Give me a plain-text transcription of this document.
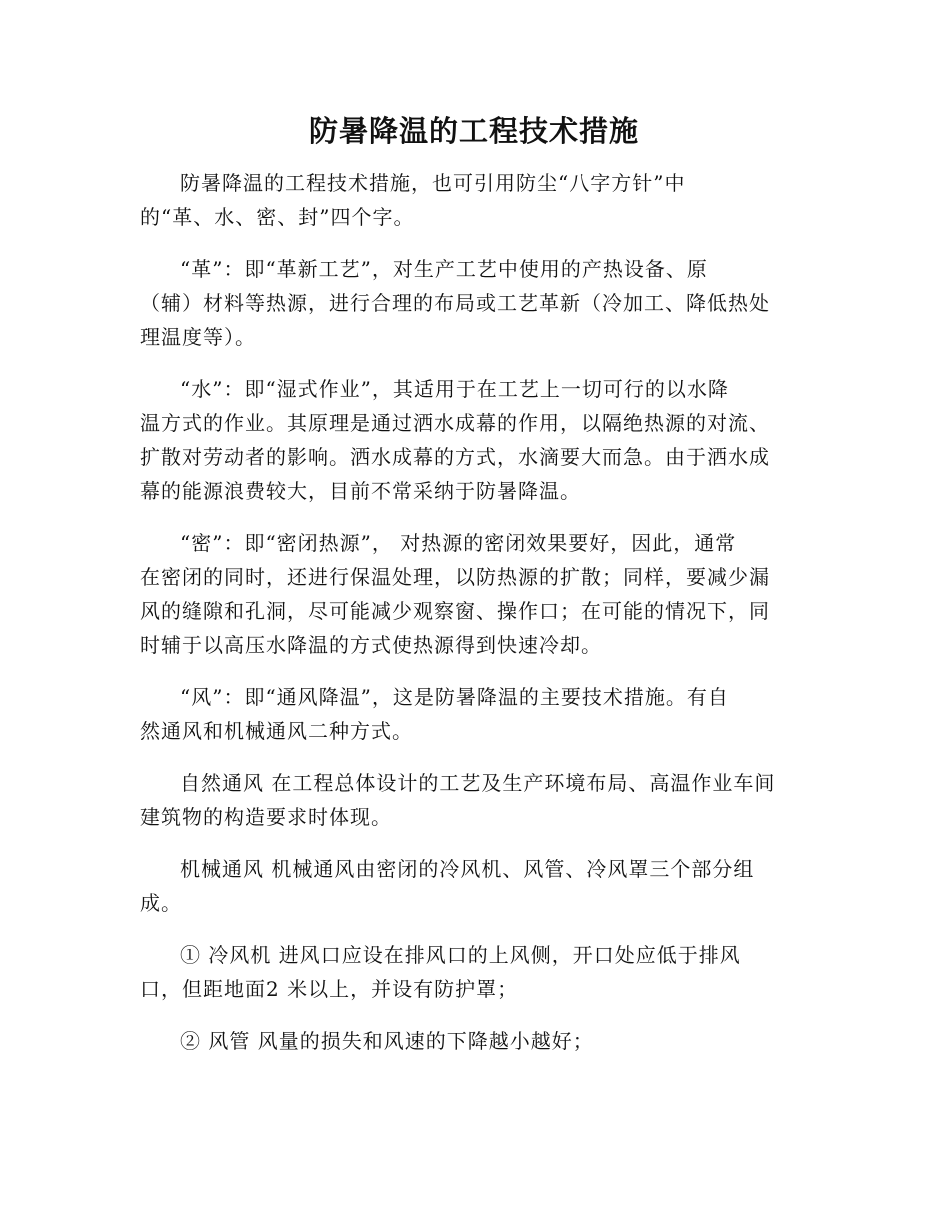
防暑降温的工程技术措施

防暑降温的工程技术措施，也可引用防尘“八字方针”中
的“革、水、密、封”四个字。

“革”：即“革新工艺”，对生产工艺中使用的产热设备、原
（辅）材料等热源，进行合理的布局或工艺革新（冷加工、降低热处
理温度等）。

“水”：即“湿式作业”，其适用于在工艺上一切可行的以水降
温方式的作业。其原理是通过洒水成幕的作用，以隔绝热源的对流、
扩散对劳动者的影响。洒水成幕的方式，水滴要大而急。由于洒水成
幕的能源浪费较大，目前不常采纳于防暑降温。

“密”：即“密闭热源”， 对热源的密闭效果要好，因此，通常
在密闭的同时，还进行保温处理，以防热源的扩散；同样，要减少漏
风的缝隙和孔洞，尽可能减少观察窗、操作口；在可能的情况下，同
时辅于以高压水降温的方式使热源得到快速冷却。

“风”：即“通风降温”，这是防暑降温的主要技术措施。有自
然通风和机械通风二种方式。

自然通风 在工程总体设计的工艺及生产环境布局、高温作业车间
建筑物的构造要求时体现。

机械通风 机械通风由密闭的冷风机、风管、冷风罩三个部分组
成。

① 冷风机 进风口应设在排风口的上风侧，开口处应低于排风
口，但距地面2 米以上，并设有防护罩；

② 风管 风量的损失和风速的下降越小越好；
